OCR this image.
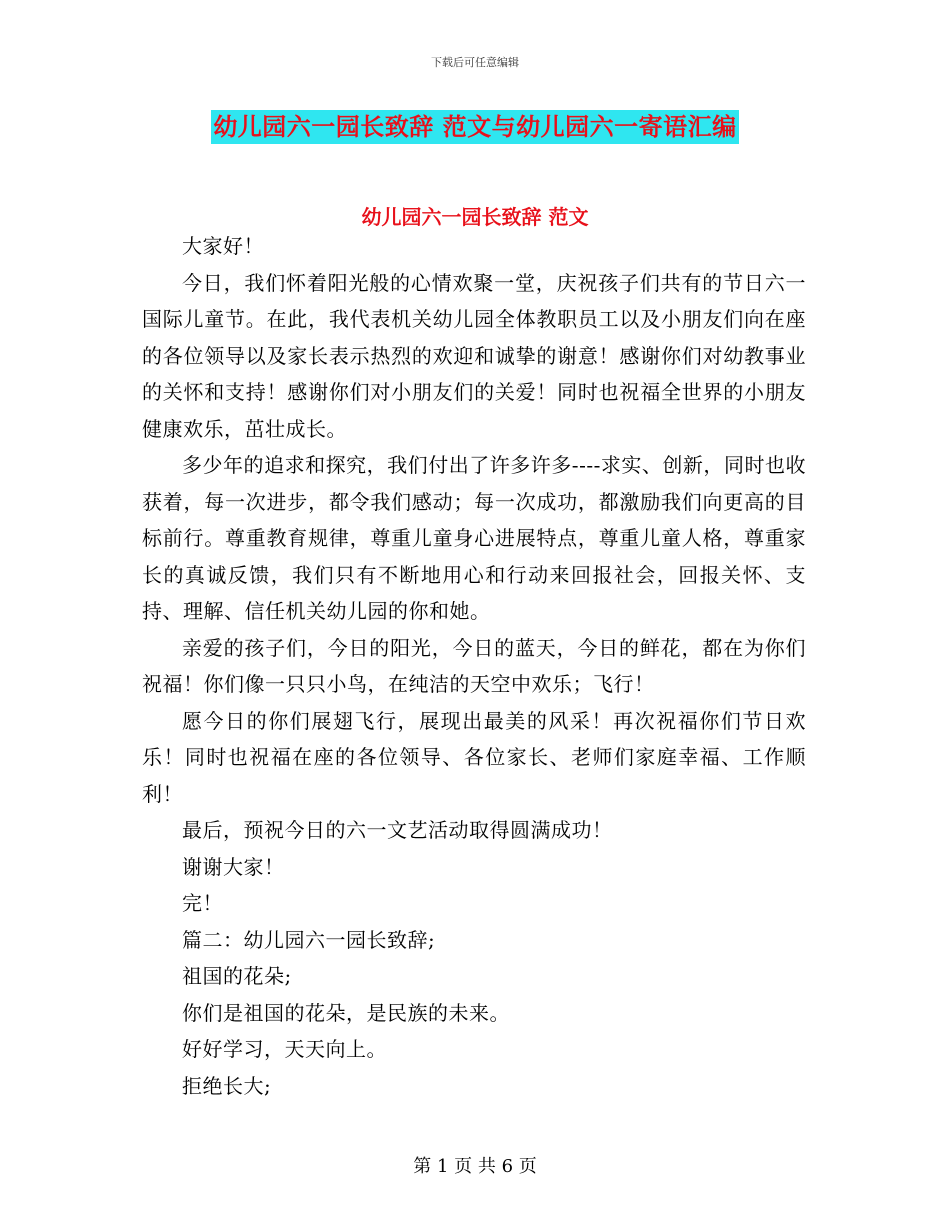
下载后可任意编辑
幼儿园六一园长致辞 范文与幼儿园六一寄语汇编
幼儿园六一园长致辞 范文

大家好！

今日，我们怀着阳光般的心情欢聚一堂，庆祝孩子们共有的节日六一 国际儿童节。在此，我代表机关幼儿园全体教职员工以及小朋友们向在座的各位领导以及家长表示热烈的欢迎和诚挚的谢意！感谢你们对幼教事业的关怀和支持！感谢你们对小朋友们的关爱！同时也祝福全世界的小朋友健康欢乐，茁壮成长。

多少年的追求和探究，我们付出了许多许多----求实、创新，同时也收获着，每一次进步，都令我们感动；每一次成功，都激励我们向更高的目标前行。尊重教育规律，尊重儿童身心进展特点，尊重儿童人格，尊重家长的真诚反馈，我们只有不断地用心和行动来回报社会，回报关怀、支持、理解、信任机关幼儿园的你和她。

亲爱的孩子们，今日的阳光，今日的蓝天，今日的鲜花，都在为你们祝福！你们像一只只小鸟，在纯洁的天空中欢乐；飞行！

愿今日的你们展翅飞行，展现出最美的风采！再次祝福你们节日欢乐！同时也祝福在座的各位领导、各位家长、老师们家庭幸福、工作顺利！

最后，预祝今日的六一文艺活动取得圆满成功！

谢谢大家！

完！

篇二：幼儿园六一园长致辞;

祖国的花朵;

你们是祖国的花朵，是民族的未来。

好好学习，天天向上。

拒绝长大;

第 1 页 共 6 页
